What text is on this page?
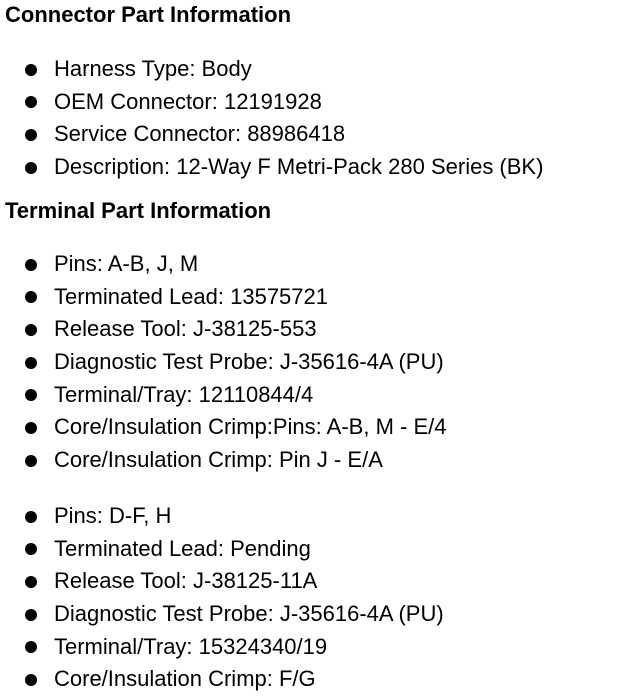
Connector Part Information
Harness Type: Body
OEM Connector: 12191928
Service Connector: 88986418
Description: 12-Way F Metri-Pack 280 Series (BK)
Terminal Part Information
Pins: A-B, J, M
Terminated Lead: 13575721
Release Tool: J-38125-553
Diagnostic Test Probe: J-35616-4A (PU)
Terminal/Tray: 12110844/4
Core/Insulation Crimp:Pins: A-B, M - E/4
Core/Insulation Crimp: Pin J - E/A
Pins: D-F, H
Terminated Lead: Pending
Release Tool: J-38125-11A
Diagnostic Test Probe: J-35616-4A (PU)
Terminal/Tray: 15324340/19
Core/Insulation Crimp: F/G
